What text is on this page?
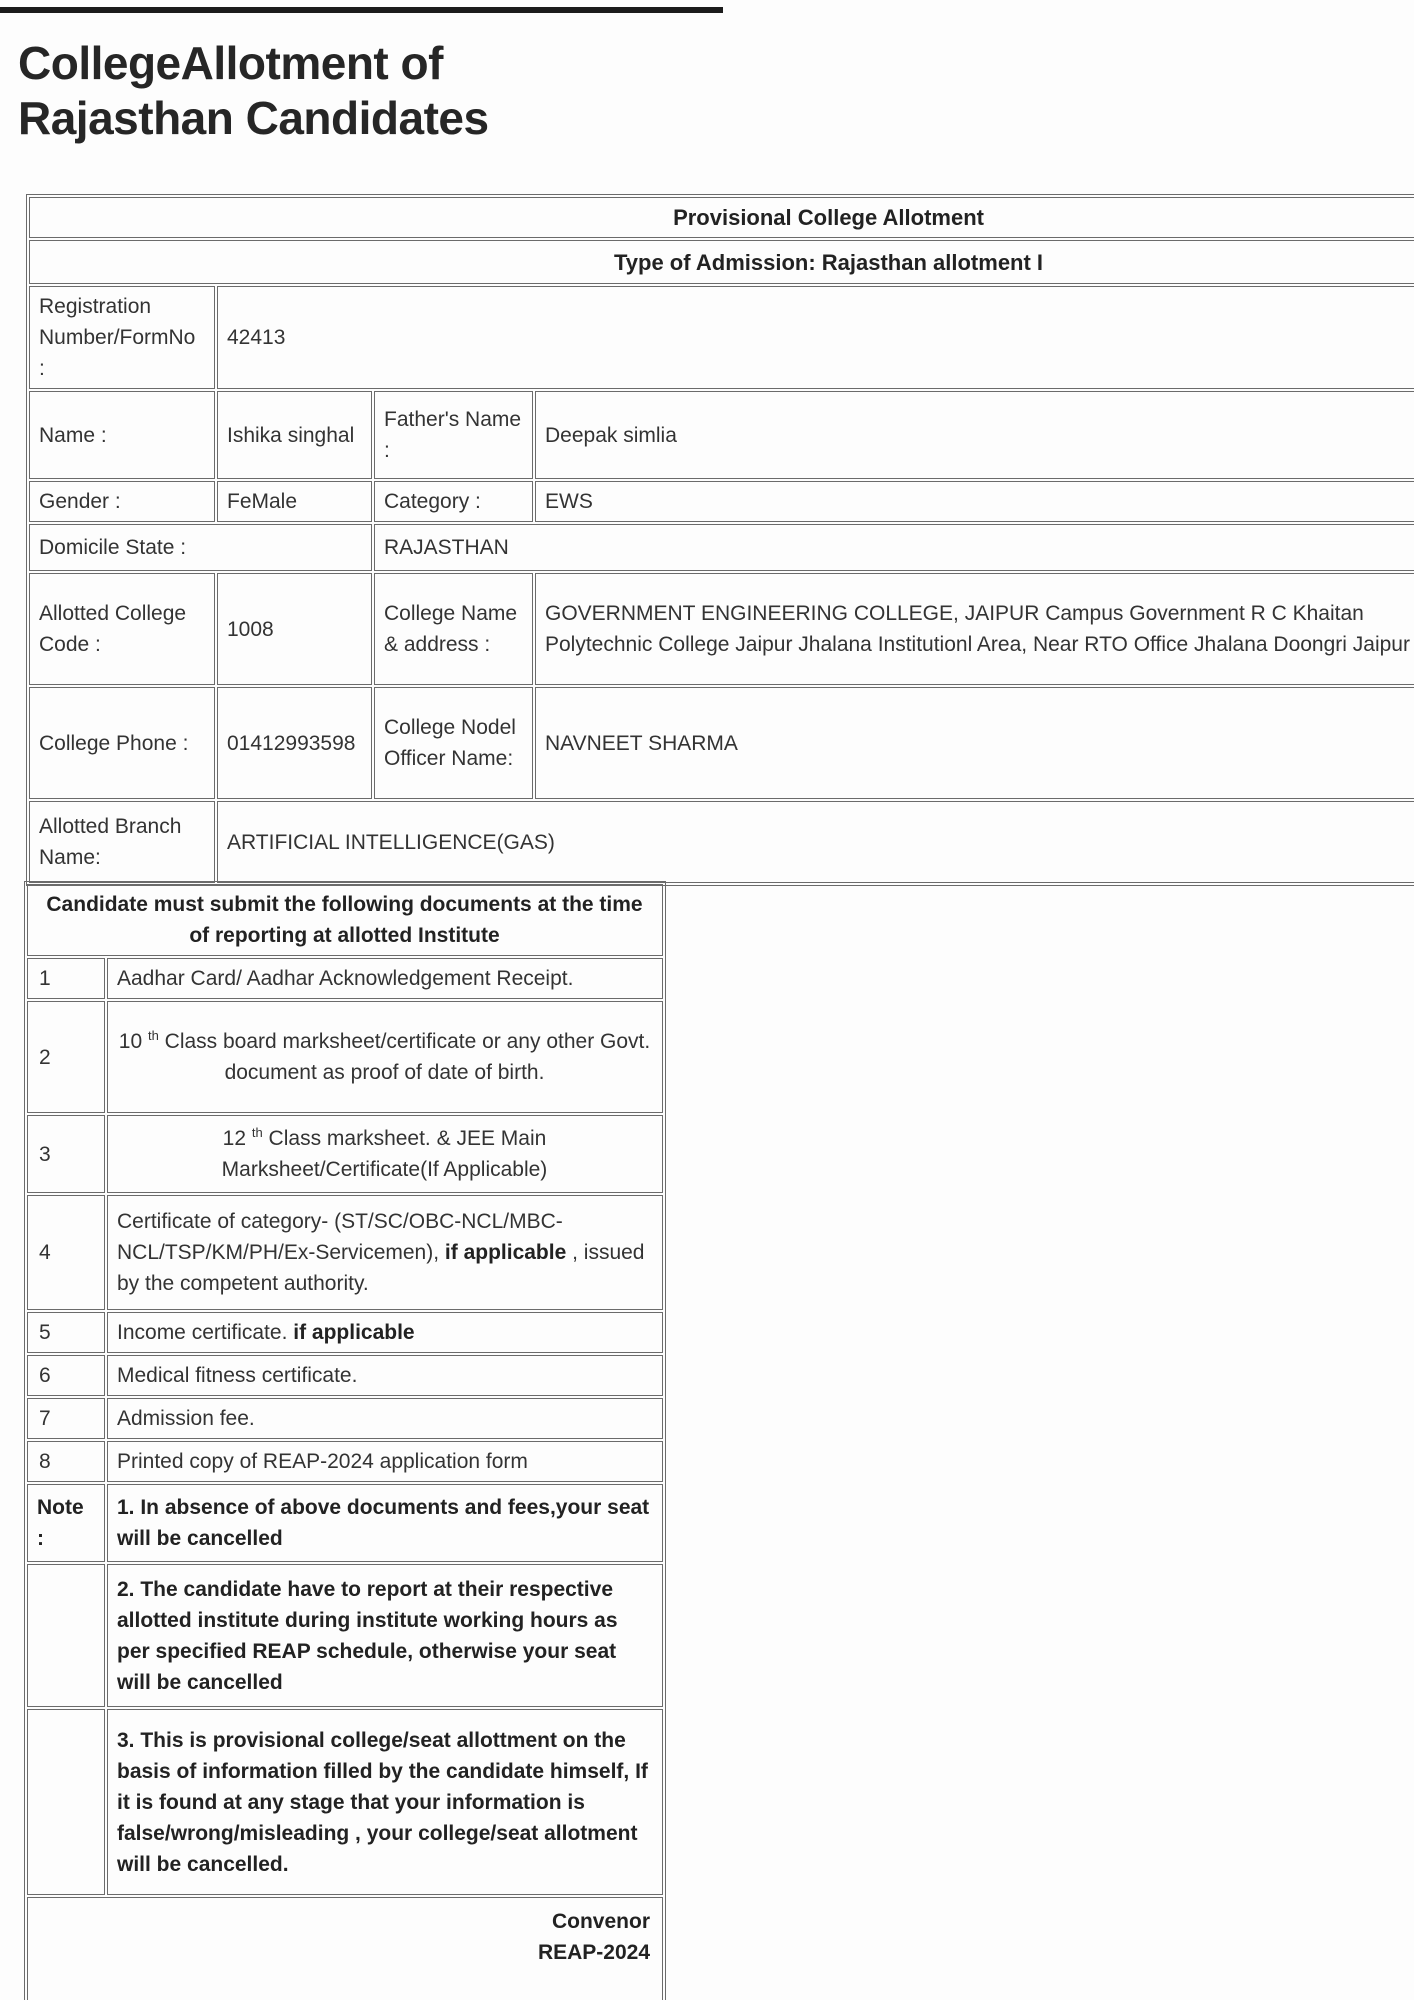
CollegeAllotment of
Rajasthan Candidates
Provisional College Allotment			
Type of Admission: Rajasthan allotment I			

Registration Number/FormNo :	42413		

Name :	Ishika singhal	Father's Name :	Deepak simlia

Gender :	FeMale	Category :	EWS

Domicile State :		RAJASTHAN	

Allotted College Code :	1008	College Name & address :	GOVERNMENT ENGINEERING COLLEGE, JAIPUR Campus Government R C Khaitan Polytechnic College Jaipur Jhalana Institutionl Area, Near RTO Office Jhalana Doongri Jaipur

College Phone :	01412993598	College Nodel Officer Name:	NAVNEET SHARMA

Allotted Branch Name:	ARTIFICIAL INTELLIGENCE(GAS)		
Candidate must submit the following documents at the time of reporting at allotted Institute	
1	Aadhar Card/ Aadhar Acknowledgement Receipt.
2	10 $^{th}$ Class board marksheet/certificate or any other Govt. document as proof of date of birth.
3	12 $^{th}$ Class marksheet. & JEE Main Marksheet/Certificate(If Applicable)
4	Certificate of category- (ST/SC/OBC-NCL/MBC-NCL/TSP/KM/PH/Ex-Servicemen), if applicable , issued by the competent authority.
5	Income certificate. if applicable
6	Medical fitness certificate.
7	Admission fee.
8	Printed copy of REAP-2024 application form
Note :	1. In absence of above documents and fees,your seat will be cancelled
	2. The candidate have to report at their respective allotted institute during institute working hours as per specified REAP schedule, otherwise your seat will be cancelled
	3. This is provisional college/seat allottment on the basis of information filled by the candidate himself, If it is found at any stage that your information is false/wrong/misleading , your college/seat allotment will be cancelled.

Convenor
REAP-2024	
